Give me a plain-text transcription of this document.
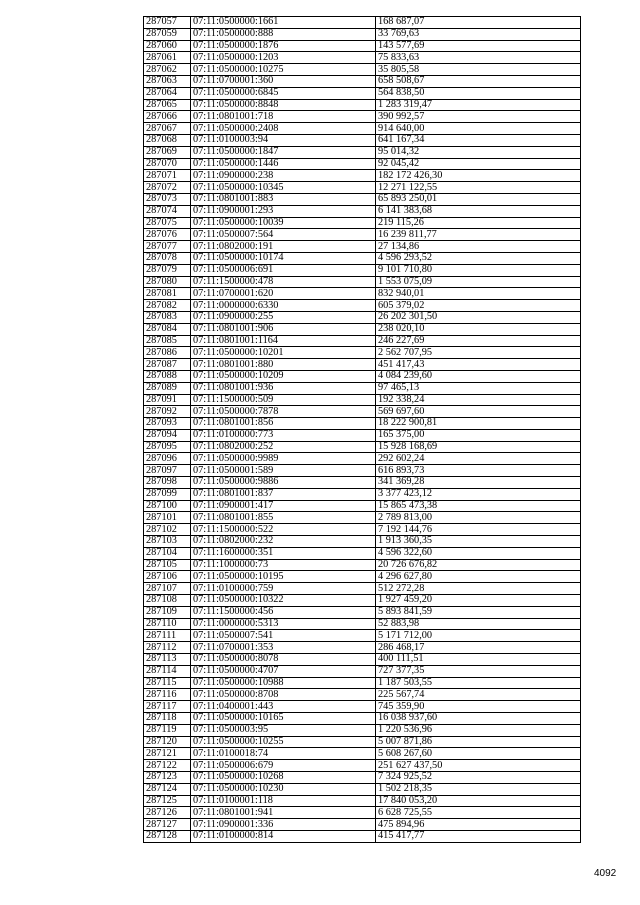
287057	07:11:0500000:1661	168 687,07
287059	07:11:0500000:888	33 769,63
287060	07:11:0500000:1876	143 577,69
287061	07:11:0500000:1203	75 833,63
287062	07:11:0500000:10275	35 805,58
287063	07:11:0700001:360	658 508,67
287064	07:11:0500000:6845	564 838,50
287065	07:11:0500000:8848	1 283 319,47
287066	07:11:0801001:718	390 992,57
287067	07:11:0500000:2408	914 640,00
287068	07:11:0100003:94	641 167,34
287069	07:11:0500000:1847	95 014,32
287070	07:11:0500000:1446	92 045,42
287071	07:11:0900000:238	182 172 426,30
287072	07:11:0500000:10345	12 271 122,55
287073	07:11:0801001:883	65 893 250,01
287074	07:11:0900001:293	6 141 383,68
287075	07:11:0500000:10039	219 115,26
287076	07:11:0500007:564	16 239 811,77
287077	07:11:0802000:191	27 134,86
287078	07:11:0500000:10174	4 596 293,52
287079	07:11:0500006:691	9 101 710,80
287080	07:11:1500000:478	1 553 075,09
287081	07:11:0700001:620	832 940,01
287082	07:11:0000000:6330	605 379,02
287083	07:11:0900000:255	26 202 301,50
287084	07:11:0801001:906	238 020,10
287085	07:11:0801001:1164	246 227,69
287086	07:11:0500000:10201	2 562 707,95
287087	07:11:0801001:880	451 417,43
287088	07:11:0500000:10209	4 084 239,60
287089	07:11:0801001:936	97 465,13
287091	07:11:1500000:509	192 338,24
287092	07:11:0500000:7878	569 697,60
287093	07:11:0801001:856	18 222 900,81
287094	07:11:0100000:773	165 375,00
287095	07:11:0802000:252	15 928 168,69
287096	07:11:0500000:9989	292 602,24
287097	07:11:0500001:589	616 893,73
287098	07:11:0500000:9886	341 369,28
287099	07:11:0801001:837	3 377 423,12
287100	07:11:0900001:417	15 865 473,38
287101	07:11:0801001:855	2 789 813,00
287102	07:11:1500000:522	7 192 144,76
287103	07:11:0802000:232	1 913 360,35
287104	07:11:1600000:351	4 596 322,60
287105	07:11:1000000:73	20 726 676,82
287106	07:11:0500000:10195	4 296 627,80
287107	07:11:0100000:759	512 272,28
287108	07:11:0500000:10322	1 927 459,20
287109	07:11:1500000:456	5 893 841,59
287110	07:11:0000000:5313	52 883,98
287111	07:11:0500007:541	5 171 712,00
287112	07:11:0700001:353	286 468,17
287113	07:11:0500000:8078	400 111,51
287114	07:11:0500000:4707	727 377,35
287115	07:11:0500000:10988	1 187 503,55
287116	07:11:0500000:8708	225 567,74
287117	07:11:0400001:443	745 359,90
287118	07:11:0500000:10165	16 038 937,60
287119	07:11:0500003:95	1 220 536,96
287120	07:11:0500000:10255	5 007 871,86
287121	07:11:0100018:74	5 608 267,60
287122	07:11:0500006:679	251 627 437,50
287123	07:11:0500000:10268	7 324 925,52
287124	07:11:0500000:10230	1 502 218,35
287125	07:11:0100001:118	17 840 053,20
287126	07:11:0801001:941	6 628 725,55
287127	07:11:0900001:336	475 894,96
287128	07:11:0100000:814	415 417,77
4092
